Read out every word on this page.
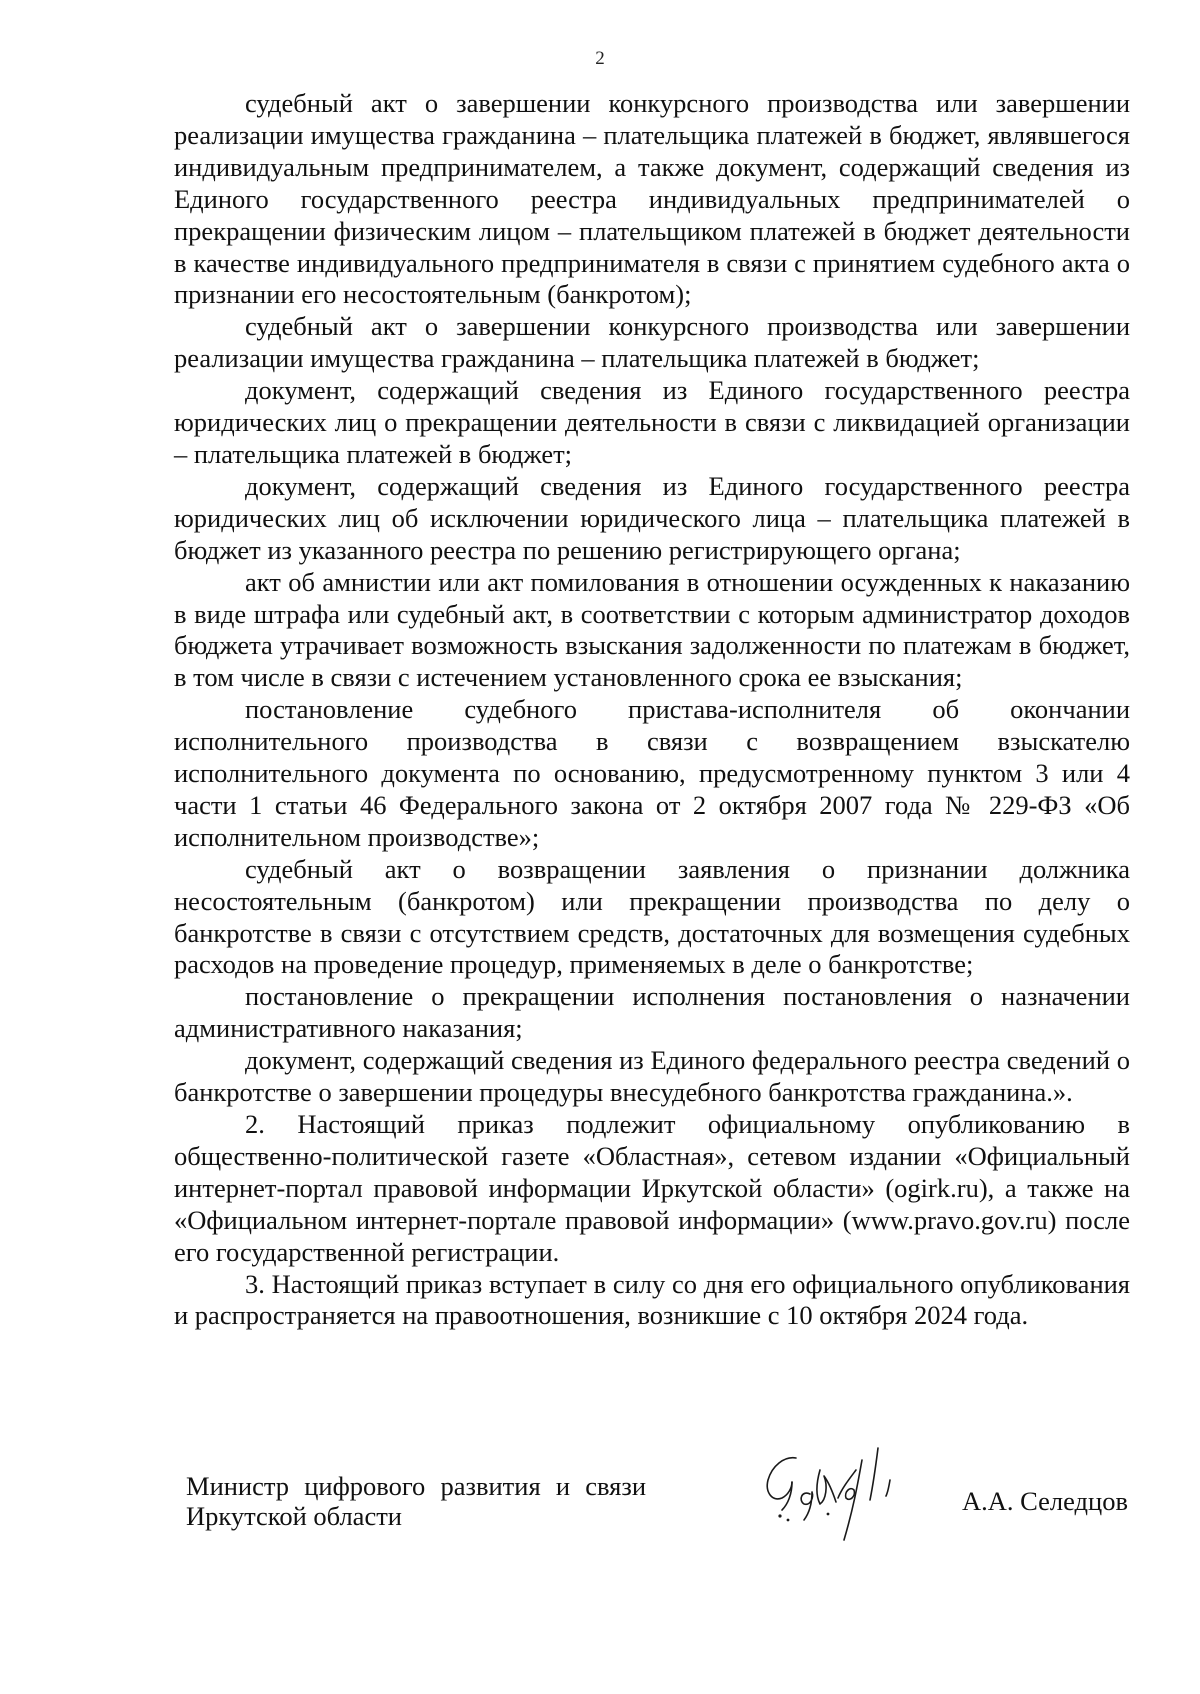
2

судебный акт о завершении конкурсного производства или завершении реализации имущества гражданина – плательщика платежей в бюджет, являвшегося индивидуальным предпринимателем, а также документ, содержащий сведения из Единого государственного реестра индивидуальных предпринимателей о прекращении физическим лицом – плательщиком платежей в бюджет деятельности в качестве индивидуального предпринимателя в связи с принятием судебного акта о признании его несостоятельным (банкротом);

судебный акт о завершении конкурсного производства или завершении реализации имущества гражданина – плательщика платежей в бюджет;

документ, содержащий сведения из Единого государственного реестра юридических лиц о прекращении деятельности в связи с ликвидацией организации – плательщика платежей в бюджет;

документ, содержащий сведения из Единого государственного реестра юридических лиц об исключении юридического лица – плательщика платежей в бюджет из указанного реестра по решению регистрирующего органа;

акт об амнистии или акт помилования в отношении осужденных к наказанию в виде штрафа или судебный акт, в соответствии с которым администратор доходов бюджета утрачивает возможность взыскания задолженности по платежам в бюджет, в том числе в связи с истечением установленного срока ее взыскания;

постановление судебного пристава-исполнителя об окончании исполнительного производства в связи с возвращением взыскателю исполнительного документа по основанию, предусмотренному пунктом 3 или 4 части 1 статьи 46 Федерального закона от 2 октября 2007 года № 229-ФЗ «Об исполнительном производстве»;

судебный акт о возвращении заявления о признании должника несостоятельным (банкротом) или прекращении производства по делу о банкротстве в связи с отсутствием средств, достаточных для возмещения судебных расходов на проведение процедур, применяемых в деле о банкротстве;

постановление о прекращении исполнения постановления о назначении административного наказания;

документ, содержащий сведения из Единого федерального реестра сведений о банкротстве о завершении процедуры внесудебного банкротства гражданина.».

2. Настоящий приказ подлежит официальному опубликованию в общественно-политической газете «Областная», сетевом издании «Официальный интернет-портал правовой информации Иркутской области» (ogirk.ru), а также на «Официальном интернет-портале правовой информации» (www.pravo.gov.ru) после его государственной регистрации.

3. Настоящий приказ вступает в силу со дня его официального опубликования и распространяется на правоотношения, возникшие с 10 октября 2024 года.

Министр цифрового развития и связи
Иркутской области	А.А. Селедцов
